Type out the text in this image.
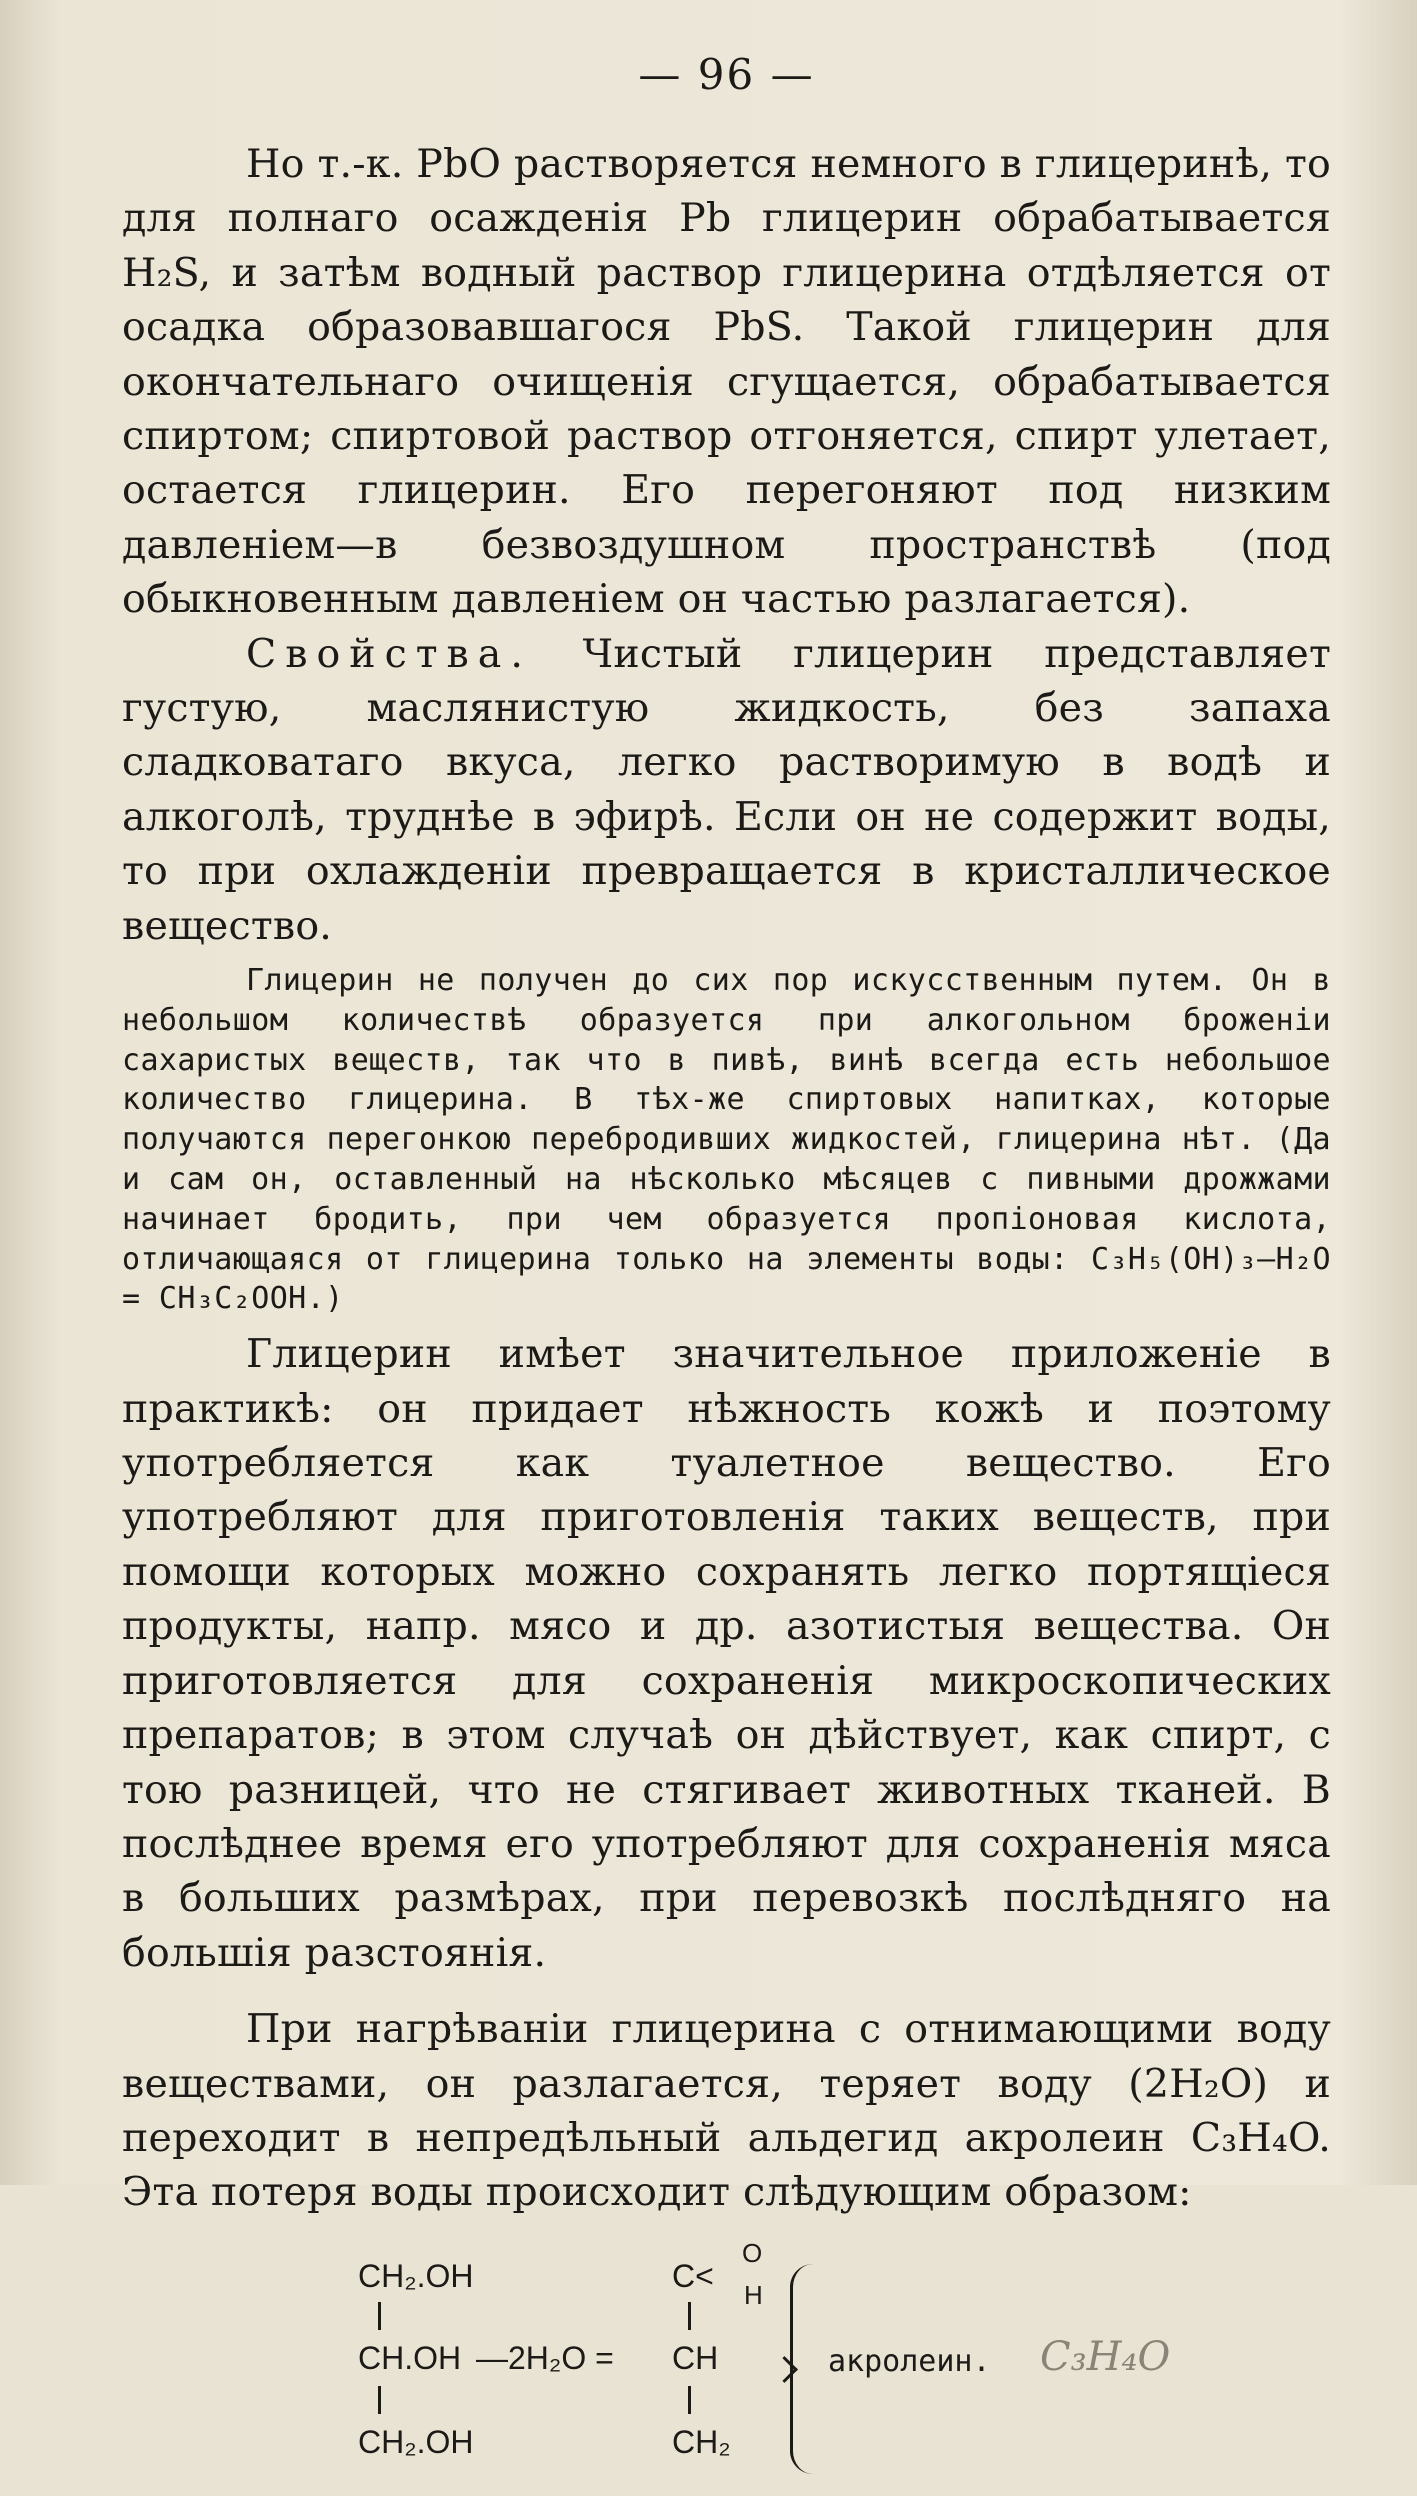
— 96 —

Но т.-к. PbO растворяется немного в глицеринѣ, то для полнаго осажденія Pb глицерин обрабатывается H₂S, и затѣм водный раствор глицерина отдѣляется от осадка образовавшагося PbS. Такой глицерин для окончательнаго очищенія сгущается, обрабатывается спиртом; спиртовой раствор отгоняется, спирт улетает, остается глицерин. Его перегоняют под низким давленіем—в безвоздушном пространствѣ (под обыкновенным давленіем он частью разлагается).

Свойства. Чистый глицерин представляет густую, маслянистую жидкость, без запаха сладковатаго вкуса, легко растворимую в водѣ и алкоголѣ, труднѣе в эфирѣ. Если он не содержит воды, то при охлажденіи превращается в кристаллическое вещество.

Глицерин не получен до сих пор искусственным путем. Он в небольшом количествѣ образуется при алкогольном броженіи сахаристых веществ, так что в пивѣ, винѣ всегда есть небольшое количество глицерина. В тѣх-же спиртовых напитках, которые получаются перегонкою перебродивших жидкостей, глицерина нѣт. (Да и сам он, оставленный на нѣсколько мѣсяцев с пивными дрожжами начинает бродить, при чем образуется пропіоновая кислота, отличающаяся от глицерина только на элементы воды: C₃H₅(OH)₃—H₂O = CH₃C₂OOH.)

Глицерин имѣет значительное приложеніе в практикѣ: он придает нѣжность кожѣ и поэтому употребляется как туалетное вещество. Его употребляют для приготовленія таких веществ, при помощи которых можно сохранять легко портящіеся продукты, напр. мясо и др. азотистыя вещества. Он приготовляется для сохраненія микроскопических препаратов; в этом случаѣ он дѣйствует, как спирт, с тою разницей, что не стягивает животных тканей. В послѣднее время его употребляют для сохраненія мяса в больших размѣрах, при перевозкѣ послѣдняго на большія разстоянія.

При нагрѣваніи глицерина с отнимающими воду веществами, он разлагается, теряет воду (2H₂O) и переходит в непредѣльный альдегид акролеин C₃H₄O. Эта потеря воды происходит слѣдующим образом:

CH₂.OH
CH.OH —2H₂O =
CH₂.OH
C<
O
H
CH
CH₂
акролеин. C₃H₄O
